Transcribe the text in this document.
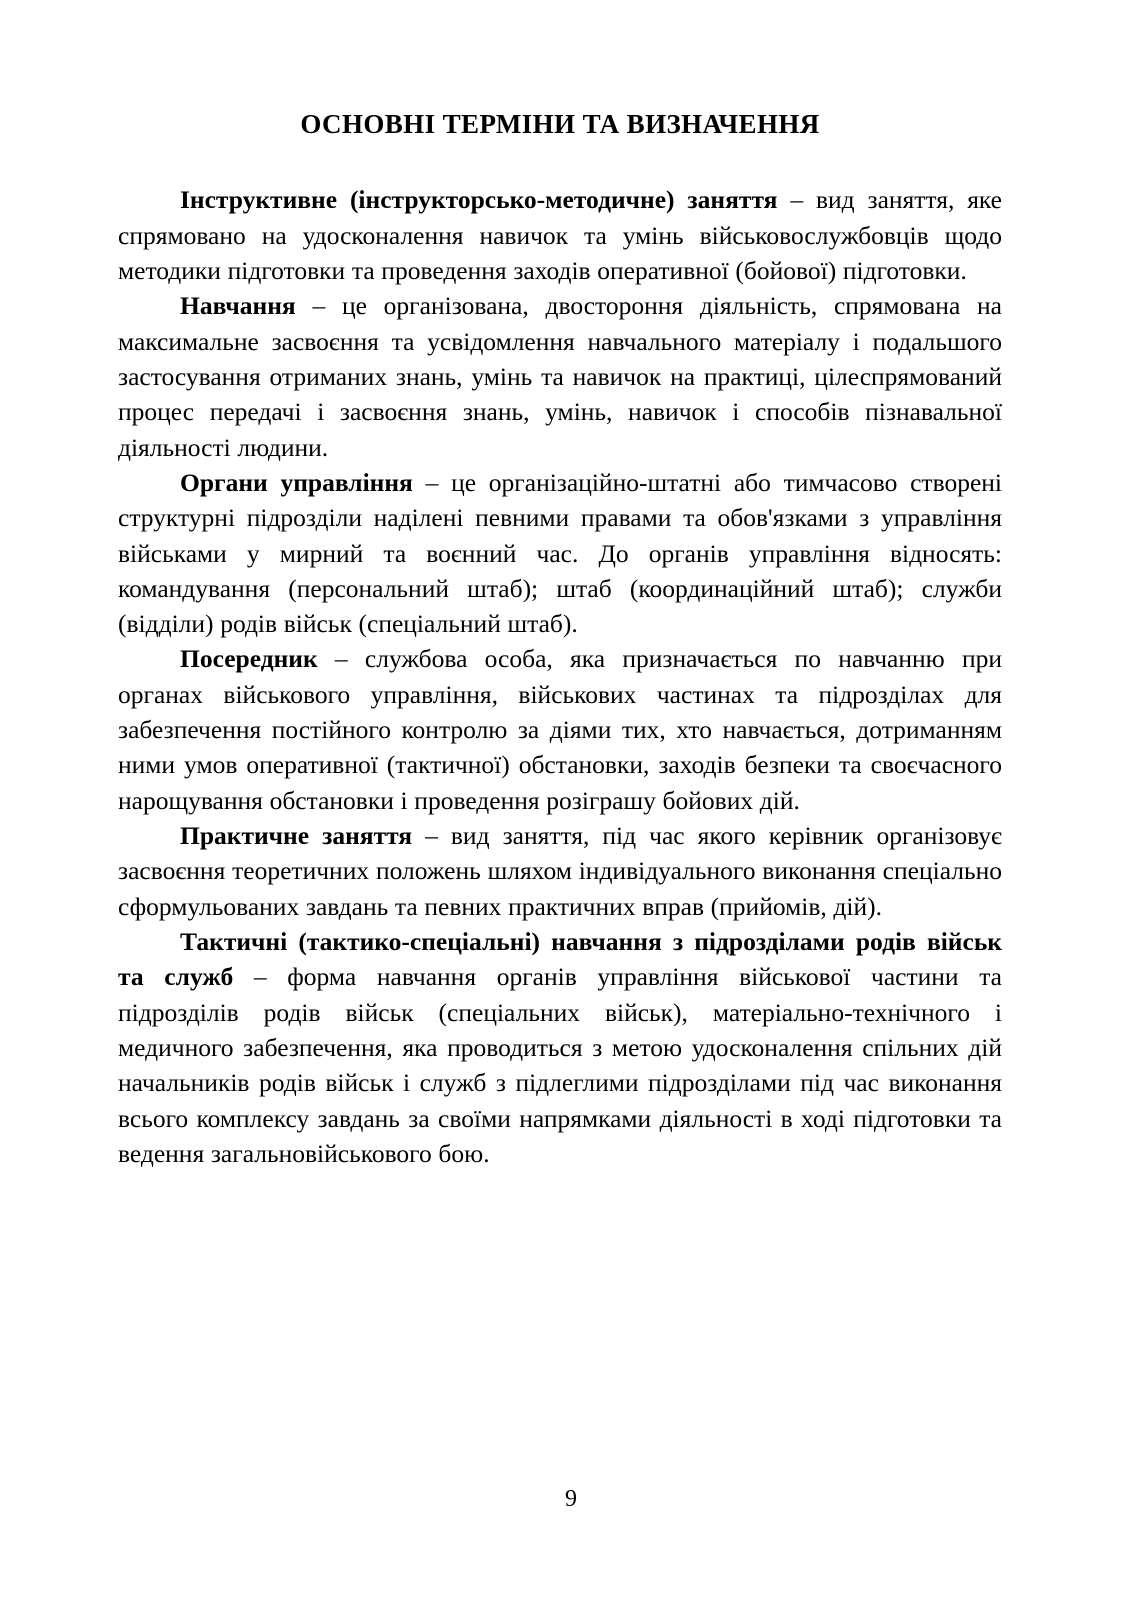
ОСНОВНІ ТЕРМІНИ ТА ВИЗНАЧЕННЯ

Інструктивне (інструкторсько-методичне) заняття – вид заняття, яке спрямовано на удосконалення навичок та умінь військовослужбовців щодо методики підготовки та проведення заходів оперативної (бойової) підготовки.

Навчання – це організована, двостороння діяльність, спрямована на максимальне засвоєння та усвідомлення навчального матеріалу і подальшого застосування отриманих знань, умінь та навичок на практиці, цілеспрямований процес передачі і засвоєння знань, умінь, навичок і способів пізнавальної діяльності людини.

Органи управління – це організаційно-штатні або тимчасово створені структурні підрозділи наділені певними правами та обов'язками з управління військами у мирний та воєнний час. До органів управління відносять: командування (персональний штаб); штаб (координаційний штаб); служби (відділи) родів військ (спеціальний штаб).

Посередник – службова особа, яка призначається по навчанню при органах військового управління, військових частинах та підрозділах для забезпечення постійного контролю за діями тих, хто навчається, дотриманням ними умов оперативної (тактичної) обстановки, заходів безпеки та своєчасного нарощування обстановки і проведення розіграшу бойових дій.

Практичне заняття – вид заняття, під час якого керівник організовує засвоєння теоретичних положень шляхом індивідуального виконання спеціально сформульованих завдань та певних практичних вправ (прийомів, дій).

Тактичні (тактико-спеціальні) навчання з підрозділами родів військ та служб – форма навчання органів управління військової частини та підрозділів родів військ (спеціальних військ), матеріально-технічного і медичного забезпечення, яка проводиться з метою удосконалення спільних дій начальників родів військ і служб з підлеглими підрозділами під час виконання всього комплексу завдань за своїми напрямками діяльності в ході підготовки та ведення загальновійськового бою.

9
